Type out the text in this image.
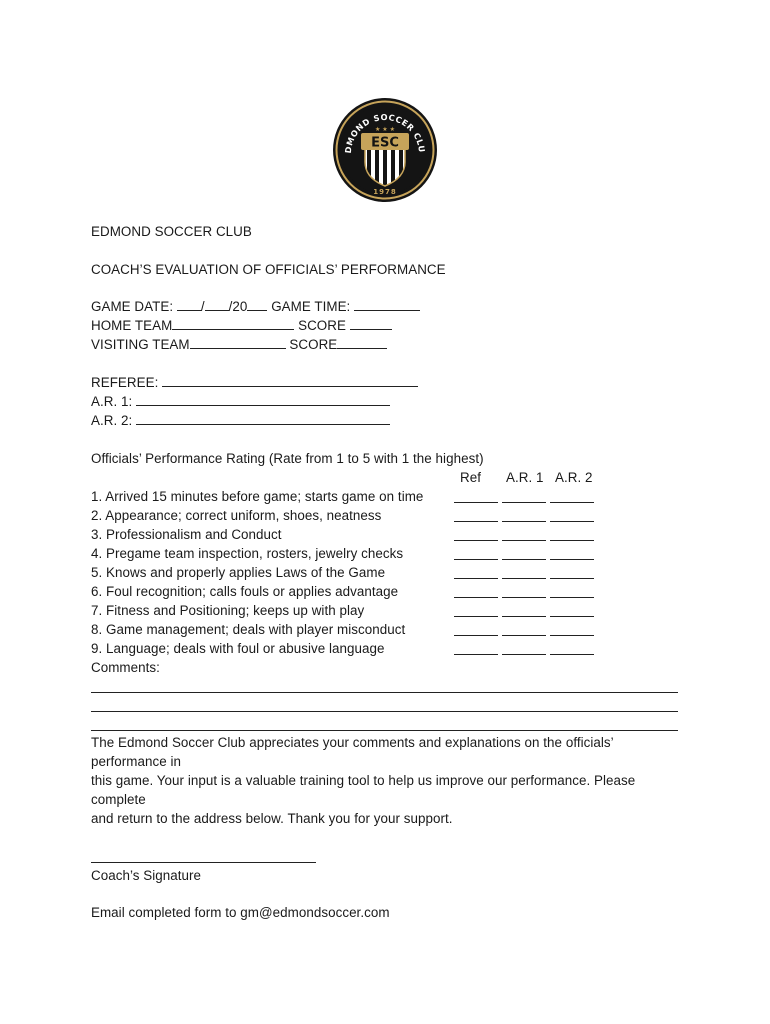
DMOND SOCCER CLU
ESC
★ ★ ★
1978
EDMOND SOCCER CLUB
COACH’S EVALUATION OF OFFICIALS’ PERFORMANCE
GAME DATE: / /20 GAME TIME:
HOME TEAM	SCORE
VISITING TEAM	SCORE
REFEREE:
A.R. 1:
A.R. 2:
Officials’ Performance Rating (Rate from 1 to 5 with 1 the highest)
Ref A.R. 1 A.R. 2
1. Arrived 15 minutes before game; starts game on time
2. Appearance; correct uniform, shoes, neatness
3. Professionalism and Conduct
4. Pregame team inspection, rosters, jewelry checks
5. Knows and properly applies Laws of the Game
6. Foul recognition; calls fouls or applies advantage
7. Fitness and Positioning; keeps up with play
8. Game management; deals with player misconduct
9. Language; deals with foul or abusive language
Comments:
The Edmond Soccer Club appreciates your comments and explanations on the officials’
performance in
this game. Your input is a valuable training tool to help us improve our performance. Please
complete
and return to the address below. Thank you for your support.
Coach’s Signature
Email completed form to gm@edmondsoccer.com
